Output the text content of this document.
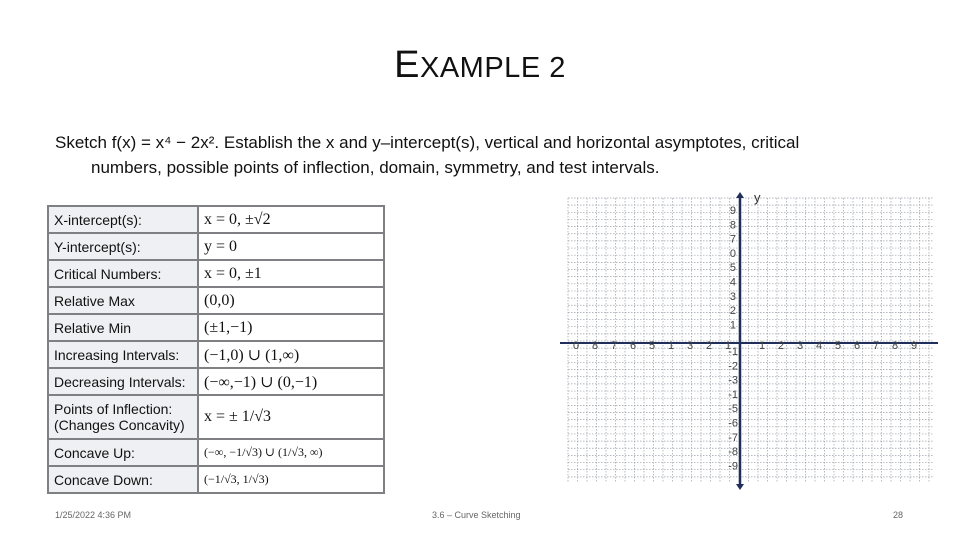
EXAMPLE 2
Sketch f(x) = x⁴ − 2x². Establish the x and y–intercept(s), vertical and horizontal asymptotes, critical
numbers, possible points of inflection, domain, symmetry, and test intervals.
X-intercept(s):	x = 0, ±√2
Y-intercept(s):	y = 0
Critical Numbers:	x = 0, ±1
Relative Max	(0,0)
Relative Min	(±1,−1)
Increasing Intervals:	(−1,0) ∪ (1,∞)
Decreasing Intervals:	(−∞,−1) ∪ (0,−1)
Points of Inflection: (Changes Concavity)	x = ± 1/√3
Concave Up:	(−∞, −1/√3) ∪ (1/√3, ∞)
Concave Down:	(−1/√3, 1/√3)
y
0 8 7 6 5 1 3 2 1	1 2 3 4 5 6 7 8 9
9
8
7
0
5
4
3
2
1
-1
-2
-3
-1
-5
-6
-7
-8
-9
1/25/2022 4:36 PM	3.6 – Curve Sketching	28
